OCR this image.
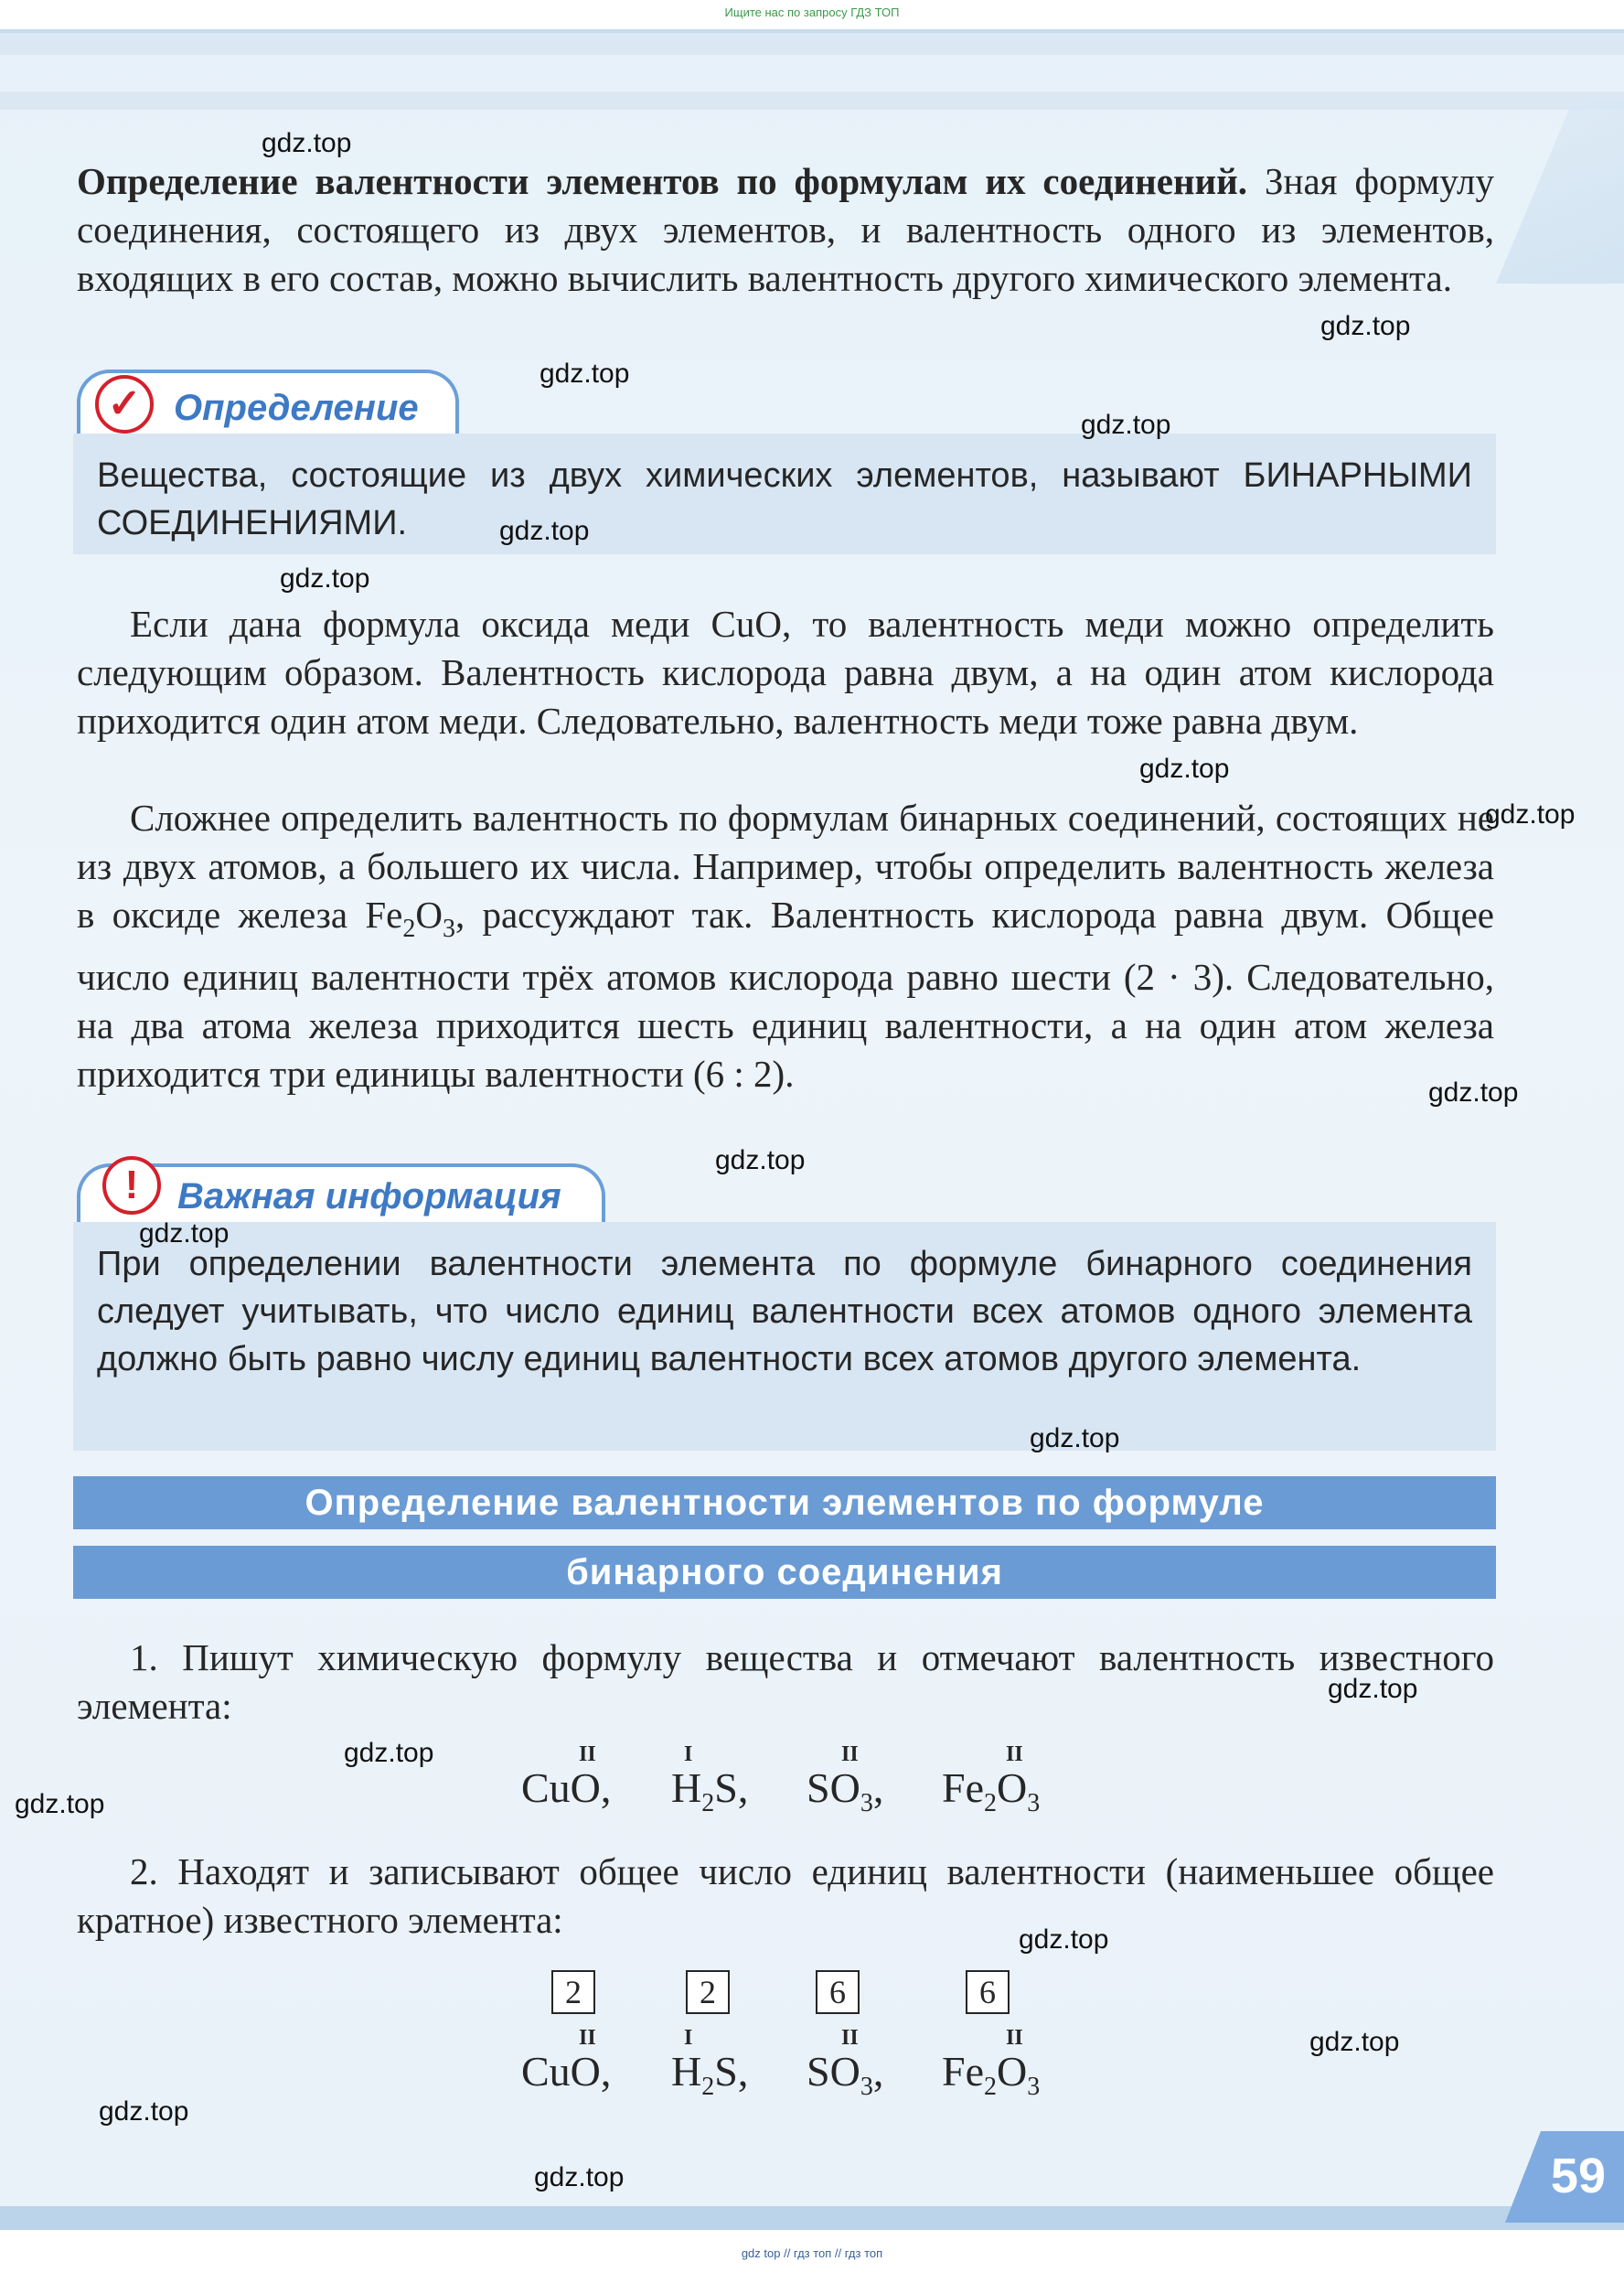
Ищите нас по запросу ГДЗ ТОП
Определение валентности элементов по формулам их соединений. Зная формулу соединения, состоящего из двух элементов, и валентность одного из элементов, входящих в его состав, можно вычислить валентность другого химического элемента.
✓ Определение
Вещества, состоящие из двух химических элементов, называют БИНАРНЫМИ СОЕДИНЕНИЯМИ.
Если дана формула оксида меди CuO, то валентность меди можно определить следующим образом. Валентность кислорода равна двум, а на один атом кислорода приходится один атом меди. Следовательно, валентность меди тоже равна двум.
Сложнее определить валентность по формулам бинарных соединений, состоящих не из двух атомов, а большего их числа. Например, чтобы определить валентность железа в оксиде железа $Fe_2O_3$, рассуждают так. Валентность кислорода равна двум. Общее число единиц валентности трёх атомов кислорода равно шести (2 · 3). Следовательно, на два атома железа приходится шесть единиц валентности, а на один атом железа приходится три единицы валентности (6 : 2).
!	Важная информация
При определении валентности элемента по формуле бинарного соединения следует учитывать, что число единиц валентности всех атомов одного элемента должно быть равно числу единиц валентности всех атомов другого элемента.
Определение валентности элементов по формуле
бинарного соединения
1. Пишут химическую формулу вещества и отмечают валентность известного элемента:
II
CuO,
I
$H_2S$,
II
$SO_3$,
II
$Fe_2O_3$
2. Находят и записывают общее число единиц валентности (наименьшее общее кратное) известного элемента:
2
II
CuO,
2
I
$H_2S$,
6
II
$SO_3$,
6
II
$Fe_2O_3$
gdz.top
gdz.top
gdz.top
gdz.top
gdz.top
gdz.top
gdz.top
gdz.top
gdz.top
gdz.top
gdz.top
gdz.top
gdz.top
gdz.top
gdz.top
gdz.top
gdz.top
gdz.top
gdz.top	59
gdz top // гдз топ // гдз топ
